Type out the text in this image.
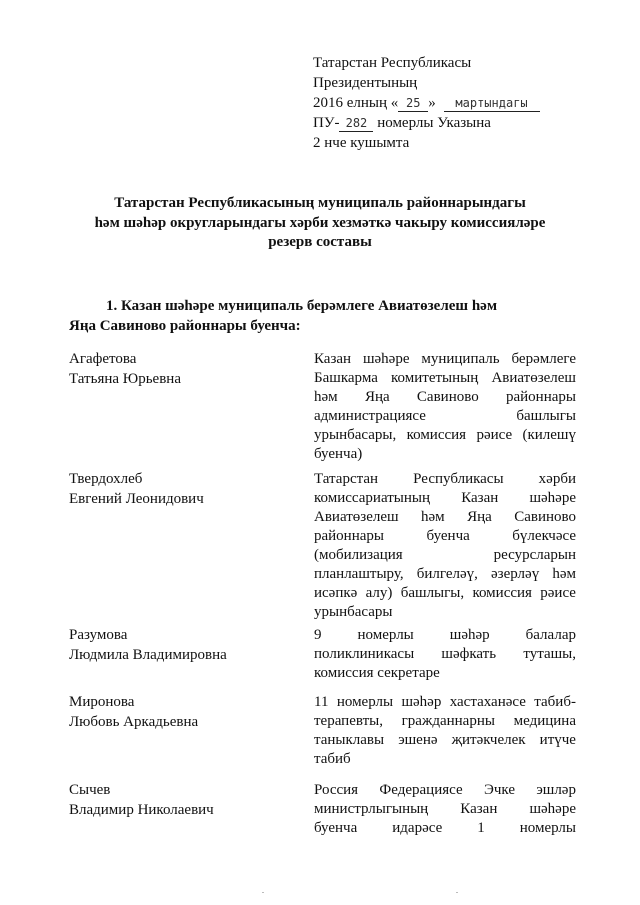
Татарстан Республикасы
Президентының
2016 елның « 25 » мартындагы
ПУ- 282 номерлы Указына
2 нче кушымта
Татарстан Республикасының муниципаль районнарындагы
һәм шәһәр округларындагы хәрби хезмәткә чакыру комиссияләре
резерв составы
1. Казан шәһәре муниципаль берәмлеге Авиатөзелеш һәм
Яңа Савиново районнары буенча:
Агафетова
Татьяна Юрьевна
Казан шәһәре муниципаль берәмлеге
Башкарма комитетының Авиатөзелеш
һәм Яңа Савиново районнары
администрациясе	башлыгы
урынбасары, комиссия рәисе (килешү
буенча)
Твердохлеб
Евгений Леонидович
Татарстан Республикасы хәрби
комиссариатының Казан шәһәре
Авиатөзелеш һәм Яңа Савиново
районнары	буенча	бүлекчәсе
(мобилизация	ресурсларын
планлаштыру, билгеләү, әзерләү һәм
исәпкә алу) башлыгы, комиссия рәисе
урынбасары
Разумова
Людмила Владимировна
9 номерлы шәһәр балалар
поликлиникасы шәфкать туташы,
комиссия секретаре
Миронова
Любовь Аркадьевна
11 номерлы шәһәр хастаханәсе табиб-
терапевты, гражданнарны медицина
таныклавы эшенә җитәкчелек итүче
табиб
Сычев
Владимир Николаевич
Россия Федерациясе Эчке эшләр
министрлыгының Казан шәһәре
буенча идарәсе 1 номерлы
